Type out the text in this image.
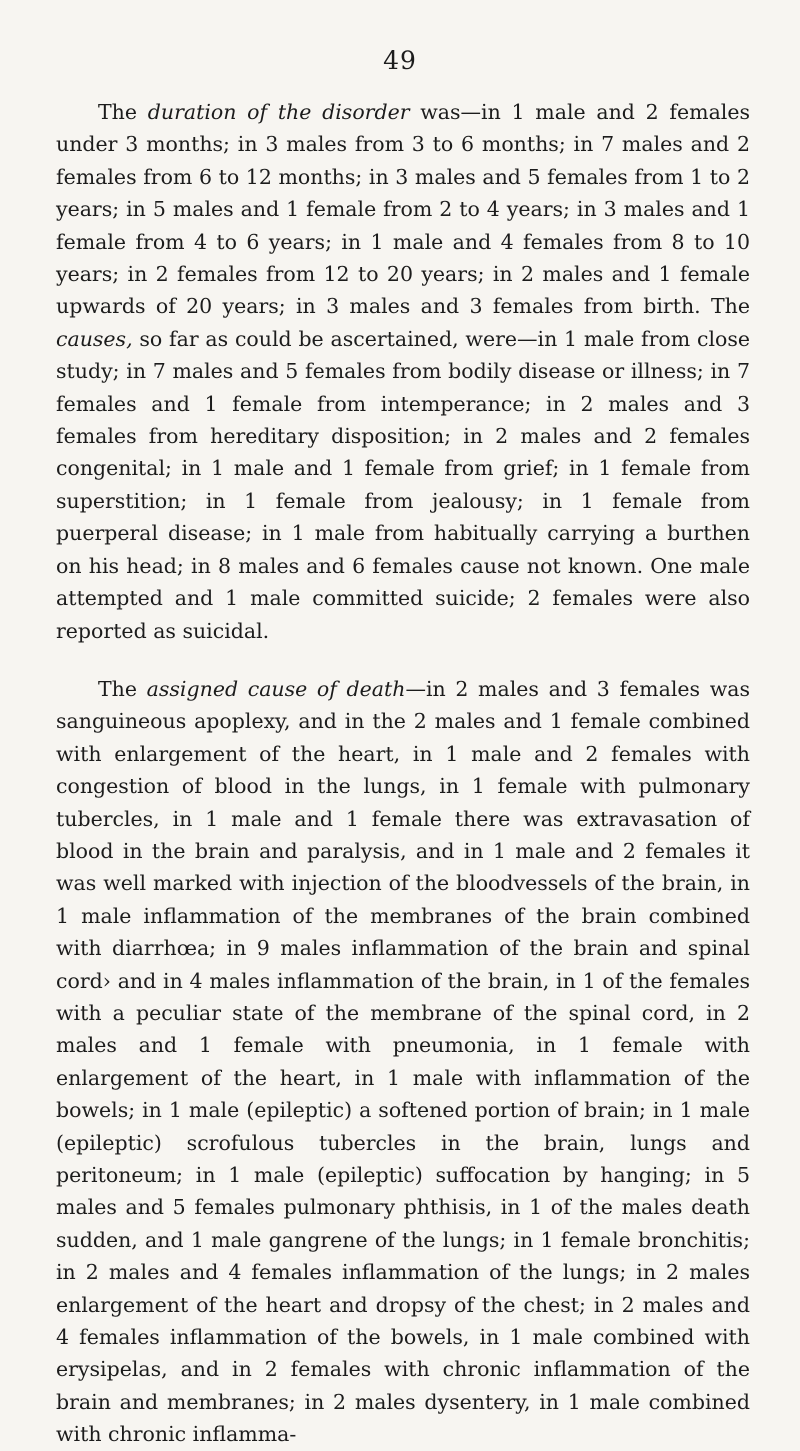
49

The duration of the disorder was—in 1 male and 2 females under 3 months; in 3 males from 3 to 6 months; in 7 males and 2 females from 6 to 12 months; in 3 males and 5 females from 1 to 2 years; in 5 males and 1 female from 2 to 4 years; in 3 males and 1 female from 4 to 6 years; in 1 male and 4 females from 8 to 10 years; in 2 females from 12 to 20 years; in 2 males and 1 female upwards of 20 years; in 3 males and 3 females from birth. The causes, so far as could be ascertained, were—in 1 male from close study; in 7 males and 5 females from bodily disease or illness; in 7 females and 1 female from intemperance; in 2 males and 3 females from hereditary disposition; in 2 males and 2 females congenital; in 1 male and 1 female from grief; in 1 female from superstition; in 1 female from jealousy; in 1 female from puerperal disease; in 1 male from habitually carrying a burthen on his head; in 8 males and 6 females cause not known. One male attempted and 1 male committed suicide; 2 females were also reported as suicidal.

The assigned cause of death—in 2 males and 3 females was sanguineous apoplexy, and in the 2 males and 1 female combined with enlargement of the heart, in 1 male and 2 females with congestion of blood in the lungs, in 1 female with pulmonary tubercles, in 1 male and 1 female there was extravasation of blood in the brain and paralysis, and in 1 male and 2 females it was well marked with injection of the bloodvessels of the brain, in 1 male inflammation of the membranes of the brain combined with diarrhœa; in 9 males inflammation of the brain and spinal cord› and in 4 males inflammation of the brain, in 1 of the females with a peculiar state of the membrane of the spinal cord, in 2 males and 1 female with pneumonia, in 1 female with enlargement of the heart, in 1 male with inflammation of the bowels; in 1 male (epileptic) a softened portion of brain; in 1 male (epileptic) scrofulous tubercles in the brain, lungs and peritoneum; in 1 male (epileptic) suffocation by hanging; in 5 males and 5 females pulmonary phthisis, in 1 of the males death sudden, and 1 male gangrene of the lungs; in 1 female bronchitis; in 2 males and 4 females inflammation of the lungs; in 2 males enlargement of the heart and dropsy of the chest; in 2 males and 4 females inflammation of the bowels, in 1 male combined with erysipelas, and in 2 females with chronic inflammation of the brain and membranes; in 2 males dysentery, in 1 male combined with chronic inflamma-
